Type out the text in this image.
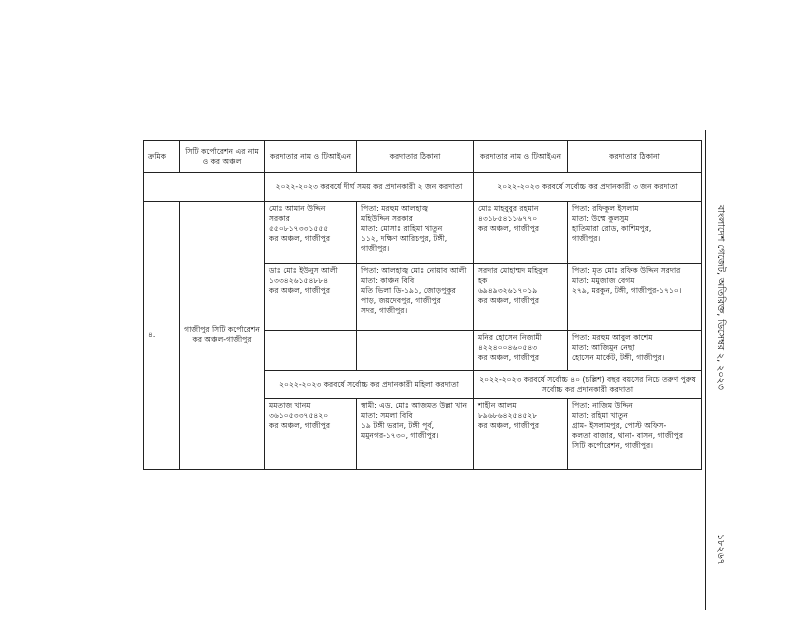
ক্রমিক	সিটি কর্পোরেশন এর নাম ও কর অঞ্চল	করদাতার নাম ও টিআইএন	করদাতার ঠিকানা	করদাতার নাম ও টিআইএন	করদাতার ঠিকানা
		২০২২-২০২৩ করবর্ষে দীর্ঘ সময় কর প্রদানকারী ২ জন করদাতা		২০২২-২০২৩ করবর্ষে সর্বোচ্চ কর প্রদানকারী ৩ জন করদাতা	
৪.	গাজীপুর সিটি কর্পোরেশন কর অঞ্চল-গাজীপুর	মোঃ আমান উদ্দিন
সরকার
৫৫০৮১৭৩৩১৫৫৫
কর অঞ্চল, গাজীপুর	পিতা: মরহুম আলহাজ্ব
মহিউদ্দিন সরকার
মাতা: মোসাঃ রাহিমা খাতুন
১১২, দক্ষিণ আরিচপুর, টঙ্গী,
গাজীপুর।	মোঃ মাহবুবুর রহমান
৪৩১৮৫৪১১৬৭৭০
কর অঞ্চল, গাজীপুর	পিতা: রফিকুল ইসলাম
মাতা: উম্মে কুলসুম
হাতিমারা রোড, কাশিমপুর,
গাজীপুর।

		ডাঃ মোঃ ইউনুস আলী
১৩৩৪২৬১৫৪৮৮৪
কর অঞ্চল, গাজীপুর	পিতা: আলহাজ্ব মোঃ নোয়াব আলী
মাতা: কাঞ্চন বিবি
মতি ভিলা ডি-১৯১, জোড়পুকুর
পাড়, জয়দেবপুর, গাজীপুর
সদর, গাজীপুর।	সরদার মোহাম্মদ মহিবুল
হক
৬৯৪৯৩২৬১৭০১৯
কর অঞ্চল, গাজীপুর	পিতা: মৃত মোঃ রফিক উদ্দিন সরদার
মাতা: মমুজাজ বেগম
২৭৯, মরকুন, টঙ্গী, গাজীপুর-১৭১০।

				মনির হোসেন নিজামী
৪২২৪০০৪৬০৫৪৩
কর অঞ্চল, গাজীপুর	পিতা: মরহুম আবুল কাশেম
মাতা: আজিমুন নেছা
হোসেন মার্কেট, টঙ্গী, গাজীপুর।

		২০২২-২০২৩ করবর্ষে সর্বোচ্চ কর প্রদানকারী মহিলা করদাতা		২০২২-২০২৩ করবর্ষে সর্বোচ্চ ৪০ (চল্লিশ) বছর বয়সের নিচে তরুণ পুরুষ সর্বোচ্চ কর প্রদানকারী করদাতা	

		মমতাজ খানম
৩৬১০৫৩৩৭৫৪২০
কর অঞ্চল, গাজীপুর	স্বামী: এড. মোঃ আজমত উল্লা খান
মাতা: সমলা বিবি
১৯ টঙ্গী ভরান, টঙ্গী পূর্ব,
মমুনগর-১৭৩০, গাজীপুর।	শাহীন আলম
৮৯৬৮৬৪২৫৪৫২৮
কর অঞ্চল, গাজীপুর	পিতা: নাজিম উদ্দিন
মাতা: রহিমা খাতুন
গ্রাম- ইসলামপুর, পোস্ট অফিস-
কলতা বাজার, থানা- বাসন, গাজীপুর
সিটি কর্পোরেশন, গাজীপুর।
বাংলাদেশ গেজেট, অতিরিক্ত, ডিসেম্বর ২, ২০২৩
১৮২৬৭
